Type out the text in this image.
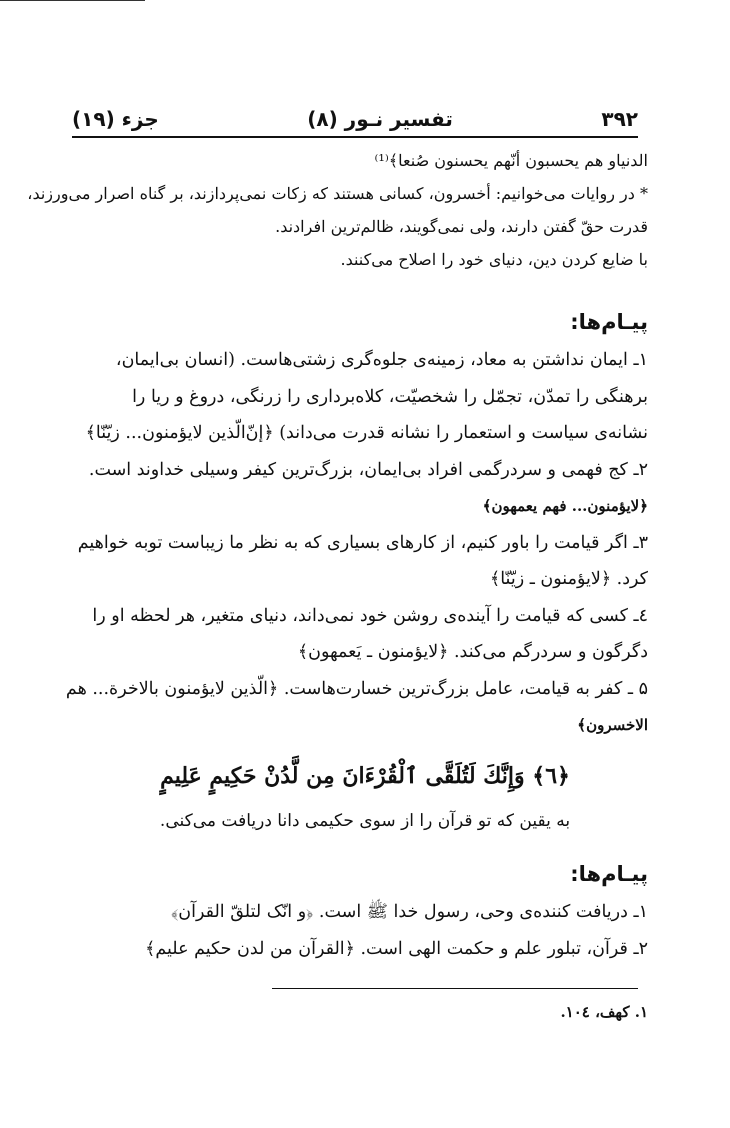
۳۹۲
تفسیر نـور (۸)
جزء (۱۹)
الدنیاو هم یحسبون أنّهم یحسنون صُنعا﴾⁽¹⁾
* در روایات می‌خوانیم: أخسرون، کسانی هستند که زکات نمی‌پردازند، بر گناه اصرار می‌ورزند،
قدرت حقّ گفتن دارند، ولی نمی‌گویند، ظالم‌ترین افرادند.
با ضایع کردن دین، دنیای خود را اصلاح می‌کنند.
پیـام‌ها:
۱ـ ایمان نداشتن به معاد، زمینه‌ی جلوه‌گری زشتی‌هاست. (انسان بی‌ایمان،
برهنگی را تمدّن، تجمّل را شخصیّت، کلاه‌برداری را زرنگی، دروغ و ریا را
نشانه‌ی سیاست و استعمار را نشانه قدرت می‌داند) ﴿إنّ‌الّذین لایؤمنون... زیّنّا﴾
۲ـ کج فهمی و سردرگمی افراد بی‌ایمان، بزرگ‌ترین کیفر وسیلی خداوند است.
﴿لایؤمنون... فهم یعمهون﴾
۳ـ اگر قیامت را باور کنیم، از کارهای بسیاری که به نظر ما زیباست توبه خواهیم
کرد. ﴿لایؤمنون ـ زیّنّا﴾
٤ـ کسی که قیامت را آینده‌ی روشن خود نمی‌داند، دنیای متغیر، هر لحظه او را
دگرگون و سردرگم می‌کند. ﴿لایؤمنون ـ یَعمهون﴾
۵ ـ کفر به قیامت، عامل بزرگ‌ترین خسارت‌هاست. ﴿الّذین لایؤمنون بالاخرة... هم
الاخسرون﴾
﴿٦﴾ وَإِنَّكَ لَتُلَقَّى ٱلْقُرْءَانَ مِن لَّدُنْ حَكِيمٍ عَلِيمٍ
به یقین که تو قرآن را از سوی حکیمی دانا دریافت می‌کنی.
پیـام‌ها:
۱ـ دریافت کننده‌ی وحی، رسول خدا ﷺ است. ﴿و انّک لتلقّ القرآن﴾
۲ـ قرآن، تبلور علم و حکمت الهی است. ﴿القرآن من لدن حکیم علیم﴾
۱. کهف، ۱۰٤.
